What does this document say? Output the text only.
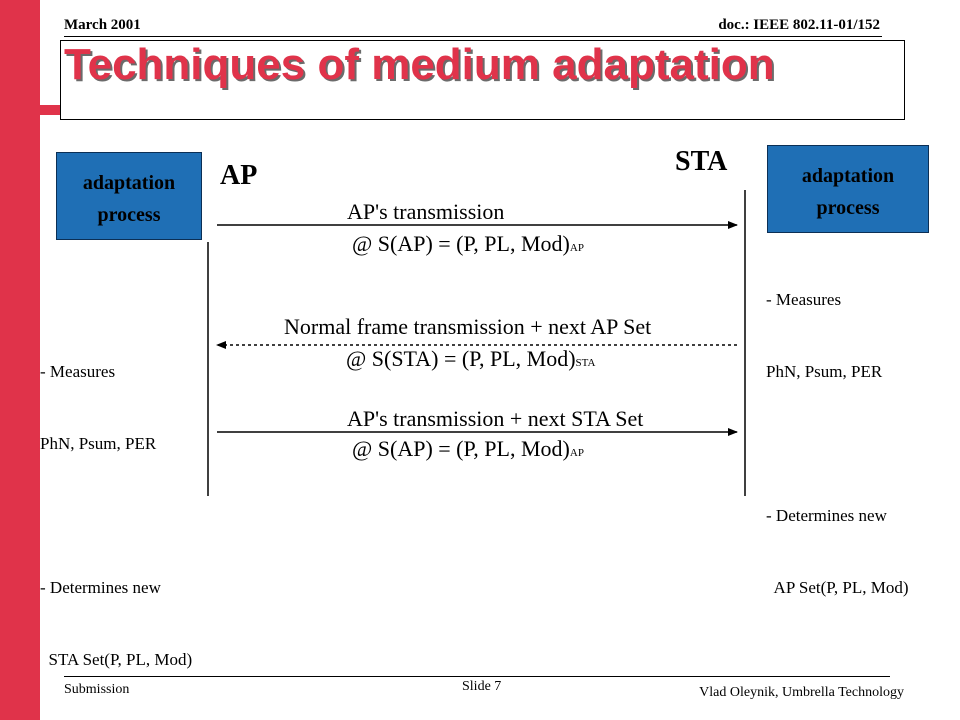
March 2001	doc.: IEEE 802.11-01/152
Techniques of medium adaptation
adaptation
process
adaptation
process
AP	STA

- Measures

PhN, Psum, PER

- Determines new

STA Set(P, PL, Mod)

- Measures

PhN, Psum, PER

- Determines new

AP Set(P, PL, Mod)

AP's transmission
@ S(AP) = (P, PL, Mod)AP
Normal frame transmission + next AP Set
@ S(STA) = (P, PL, Mod)STA
AP's transmission + next STA Set
@ S(AP) = (P, PL, Mod)AP
Submission	Slide 7	Vlad Oleynik, Umbrella Technology
